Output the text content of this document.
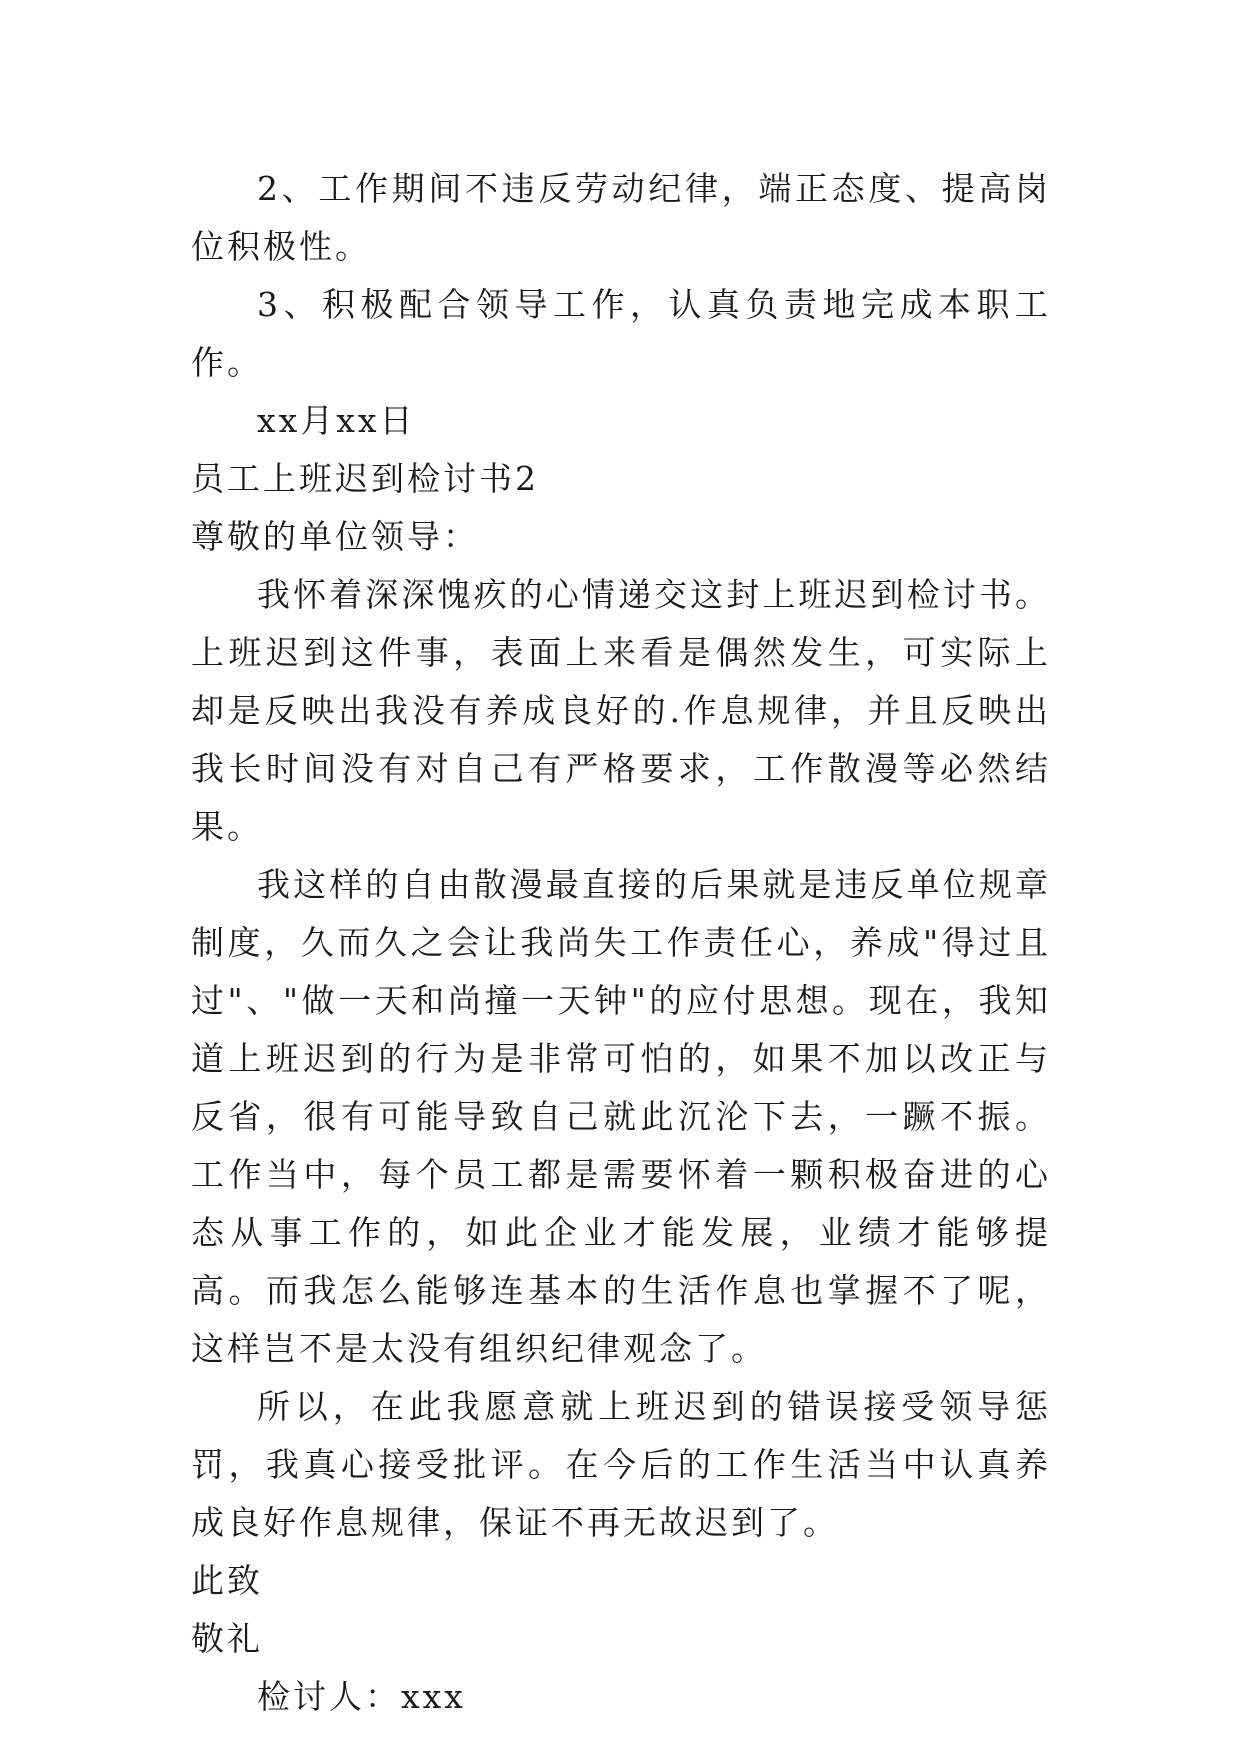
2、工作期间不违反劳动纪律，端正态度、提高岗位积极性。

3、积极配合领导工作，认真负责地完成本职工作。

xx月xx日

员工上班迟到检讨书2

尊敬的单位领导：

我怀着深深愧疚的心情递交这封上班迟到检讨书。上班迟到这件事，表面上来看是偶然发生，可实际上却是反映出我没有养成良好的.作息规律，并且反映出我长时间没有对自己有严格要求，工作散漫等必然结果。

我这样的自由散漫最直接的后果就是违反单位规章制度，久而久之会让我尚失工作责任心，养成"得过且过"、"做一天和尚撞一天钟"的应付思想。现在，我知道上班迟到的行为是非常可怕的，如果不加以改正与反省，很有可能导致自己就此沉沦下去，一蹶不振。工作当中，每个员工都是需要怀着一颗积极奋进的心态从事工作的，如此企业才能发展，业绩才能够提高。而我怎么能够连基本的生活作息也掌握不了呢，这样岂不是太没有组织纪律观念了。

所以，在此我愿意就上班迟到的错误接受领导惩罚，我真心接受批评。在今后的工作生活当中认真养成良好作息规律，保证不再无故迟到了。

此致

敬礼

检讨人：xxx
